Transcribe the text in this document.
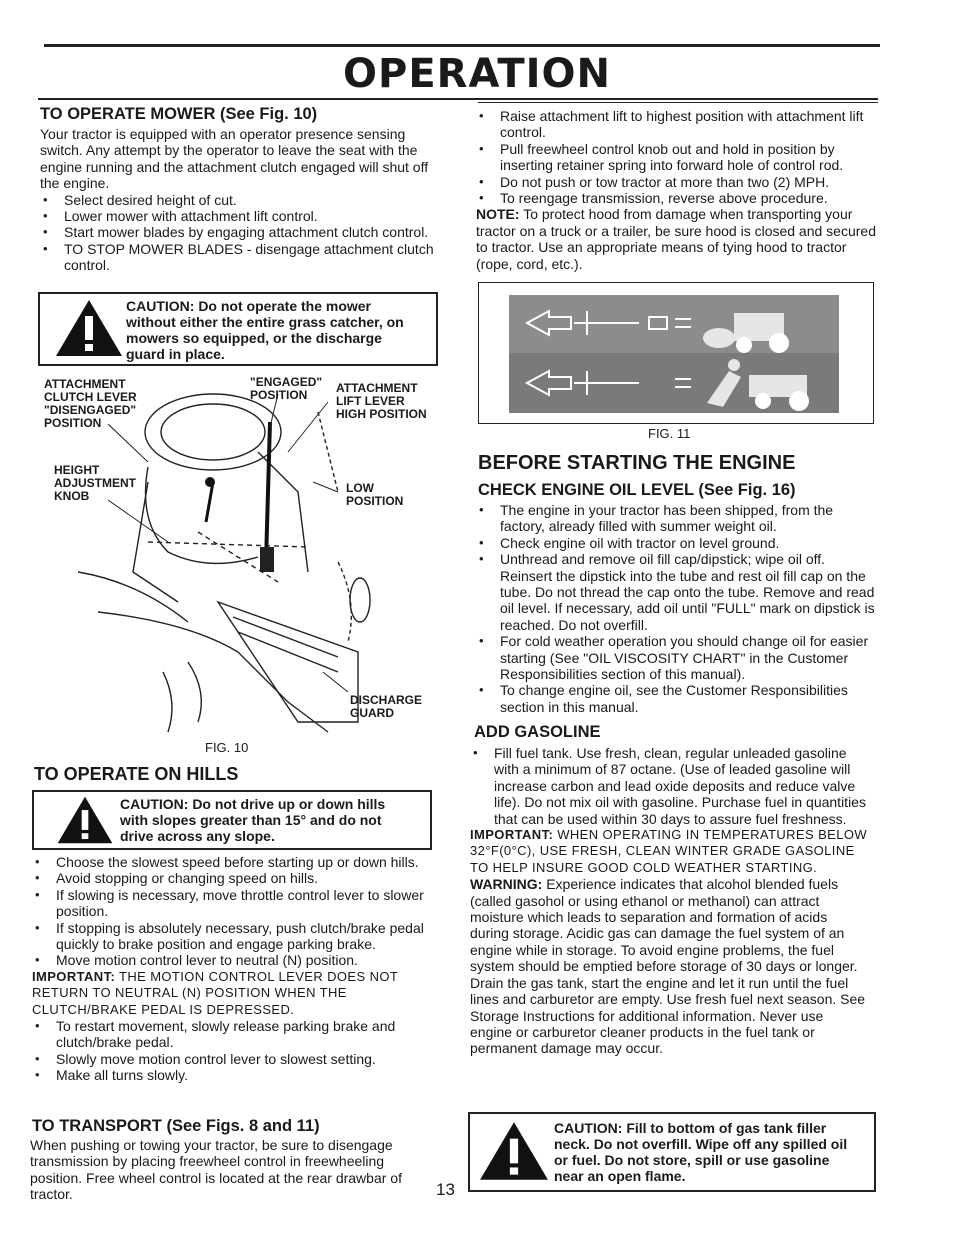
OPERATION
TO OPERATE MOWER (See Fig. 10)

Your tractor is equipped with an operator presence sensing switch. Any attempt by the operator to leave the seat with the engine running and the attachment clutch engaged will shut off the engine.

• Select desired height of cut.
• Lower mower with attachment lift control.
• Start mower blades by engaging attachment clutch control.
• TO STOP MOWER BLADES - disengage attachment clutch control.
CAUTION: Do not operate the mower without either the entire grass catcher, on mowers so equipped, or the discharge guard in place.
ATTACHMENT
CLUTCH LEVER
"DISENGAGED"
POSITION
"ENGAGED"
POSITION	ATTACHMENT
LIFT LEVER
HIGH POSITION
HEIGHT
ADJUSTMENT
KNOB
LOW
POSITION
DISCHARGE
GUARD
FIG. 10
TO OPERATE ON HILLS
CAUTION: Do not drive up or down hills with slopes greater than 15° and do not drive across any slope.
• Choose the slowest speed before starting up or down hills.
• Avoid stopping or changing speed on hills.
• If slowing is necessary, move throttle control lever to slower position.
• If stopping is absolutely necessary, push clutch/brake pedal quickly to brake position and engage parking brake.
• Move motion control lever to neutral (N) position.

IMPORTANT: THE MOTION CONTROL LEVER DOES NOT RETURN TO NEUTRAL (N) POSITION WHEN THE CLUTCH/BRAKE PEDAL IS DEPRESSED.

• To restart movement, slowly release parking brake and clutch/brake pedal.
• Slowly move motion control lever to slowest setting.
• Make all turns slowly.
TO TRANSPORT (See Figs. 8 and 11)
When pushing or towing your tractor, be sure to disengage transmission by placing freewheel control in freewheeling position. Free wheel control is located at the rear drawbar of tractor.	13
• Raise attachment lift to highest position with attachment lift control.
• Pull freewheel control knob out and hold in position by inserting retainer spring into forward hole of control rod.
• Do not push or tow tractor at more than two (2) MPH.
• To reengage transmission, reverse above procedure.

NOTE: To protect hood from damage when transporting your tractor on a truck or a trailer, be sure hood is closed and secured to tractor. Use an appropriate means of tying hood to tractor (rope, cord, etc.).

FIG. 11
BEFORE STARTING THE ENGINE
CHECK ENGINE OIL LEVEL (See Fig. 16)
• The engine in your tractor has been shipped, from the factory, already filled with summer weight oil.
• Check engine oil with tractor on level ground.
• Unthread and remove oil fill cap/dipstick; wipe oil off. Reinsert the dipstick into the tube and rest oil fill cap on the tube. Do not thread the cap onto the tube. Remove and read oil level. If necessary, add oil until "FULL" mark on dipstick is reached. Do not overfill.
• For cold weather operation you should change oil for easier starting (See "OIL VISCOSITY CHART" in the Customer Responsibilities section of this manual).
• To change engine oil, see the Customer Responsibilities section in this manual.
ADD GASOLINE
• Fill fuel tank. Use fresh, clean, regular unleaded gasoline with a minimum of 87 octane. (Use of leaded gasoline will increase carbon and lead oxide deposits and reduce valve life). Do not mix oil with gasoline. Purchase fuel in quantities that can be used within 30 days to assure fuel freshness.

IMPORTANT: WHEN OPERATING IN TEMPERATURES BELOW 32°F(0°C), USE FRESH, CLEAN WINTER GRADE GASOLINE TO HELP INSURE GOOD COLD WEATHER STARTING.

WARNING: Experience indicates that alcohol blended fuels (called gasohol or using ethanol or methanol) can attract moisture which leads to separation and formation of acids during storage. Acidic gas can damage the fuel system of an engine while in storage. To avoid engine problems, the fuel system should be emptied before storage of 30 days or longer. Drain the gas tank, start the engine and let it run until the fuel lines and carburetor are empty. Use fresh fuel next season. See Storage Instructions for additional information. Never use engine or carburetor cleaner products in the fuel tank or permanent damage may occur.

CAUTION: Fill to bottom of gas tank filler neck. Do not overfill. Wipe off any spilled oil or fuel. Do not store, spill or use gasoline near an open flame.
